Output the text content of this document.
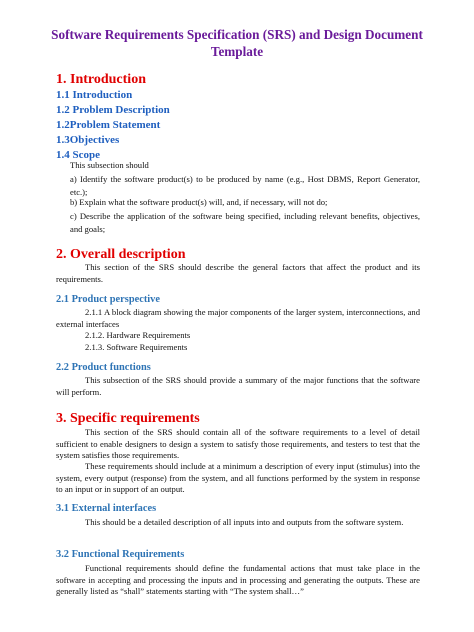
Software Requirements Specification (SRS) and Design Document Template
1. Introduction
1.1 Introduction
1.2 Problem Description
1.2Problem Statement
1.3Objectives
1.4 Scope
This subsection should
a) Identify the software product(s) to be produced by name (e.g., Host DBMS, Report Generator, etc.);
b) Explain what the software product(s) will, and, if necessary, will not do;
c) Describe the application of the software being specified, including relevant benefits, objectives, and goals;
2. Overall description
This section of the SRS should describe the general factors that affect the product and its requirements.
2.1 Product perspective
2.1.1 A block diagram showing the major components of the larger system, interconnections, and external interfaces
2.1.2. Hardware Requirements
2.1.3. Software Requirements
2.2 Product functions
This subsection of the SRS should provide a summary of the major functions that the software will perform.
3. Specific requirements
This section of the SRS should contain all of the software requirements to a level of detail sufficient to enable designers to design a system to satisfy those requirements, and testers to test that the system satisfies those requirements.
These requirements should include at a minimum a description of every input (stimulus) into the system, every output (response) from the system, and all functions performed by the system in response to an input or in support of an output.
3.1 External interfaces
This should be a detailed description of all inputs into and outputs from the software system.
3.2 Functional Requirements
Functional requirements should define the fundamental actions that must take place in the software in accepting and processing the inputs and in processing and generating the outputs. These are generally listed as “shall” statements starting with “The system shall…”
